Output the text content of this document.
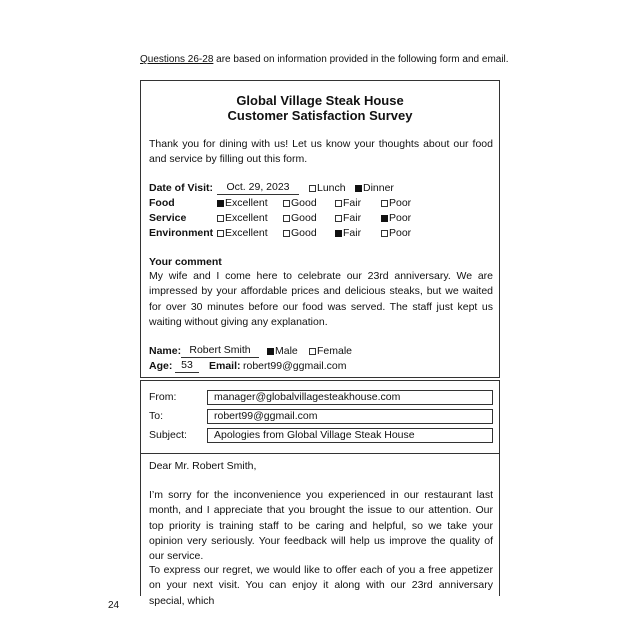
Questions 26-28 are based on information provided in the following form and email.
Global Village Steak House
Customer Satisfaction Survey
Thank you for dining with us! Let us know your thoughts about our food and service by filling out this form.
Date of Visit:	Oct. 29, 2023	Lunch	Dinner
Food	Excellent	Good	Fair	Poor
Service	Excellent	Good	Fair	Poor
Environment	Excellent	Good	Fair	Poor
Your comment
My wife and I come here to celebrate our 23rd anniversary. We are impressed by your affordable prices and delicious steaks, but we waited for over 30 minutes before our food was served. The staff just kept us waiting without giving any explanation.
Name: Robert Smith	Male	Female
Age: 53	Email: robert99@ggmail.com
From:	manager@globalvillagesteakhouse.com
To:	robert99@ggmail.com
Subject:	Apologies from Global Village Steak House
Dear Mr. Robert Smith,
I’m sorry for the inconvenience you experienced in our restaurant last month, and I appreciate that you brought the issue to our attention. Our top priority is training staff to be caring and helpful, so we take your opinion very seriously. Your feedback will help us improve the quality of our service.
To express our regret, we would like to offer each of you a free appetizer on your next visit. You can enjoy it along with our 23rd anniversary special, which
24
